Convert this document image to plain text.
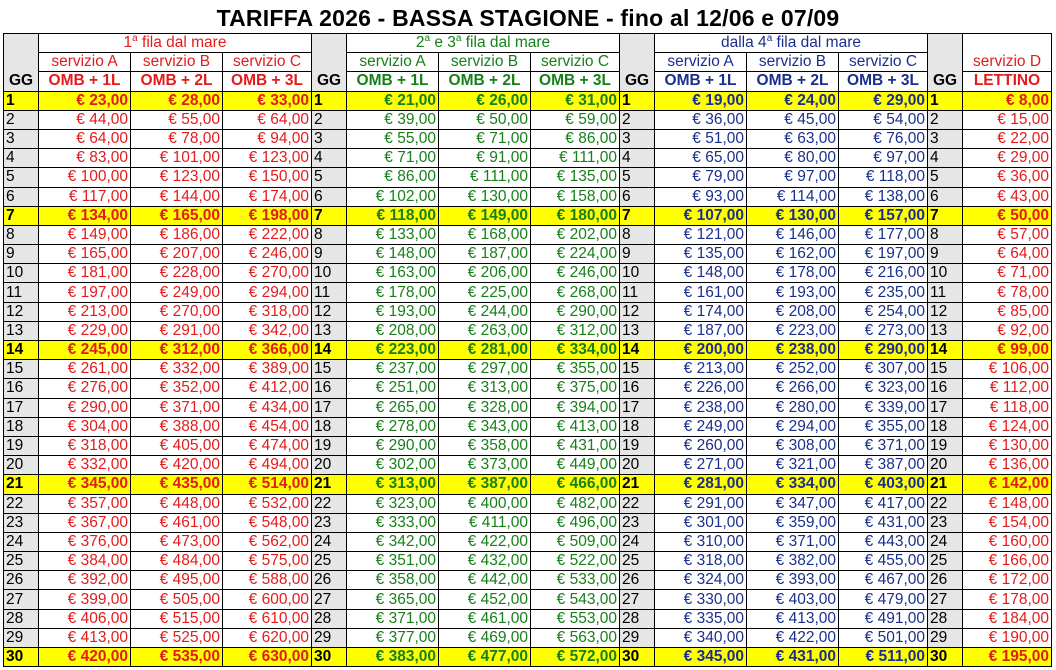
TARIFFA 2026 - BASSA STAGIONE - fino al 12/06 e 07/09
	1$^a$ fila dal mare				2$^a$ e 3$^a$ fila dal mare				dalla 4$^a$ fila dal mare				
	servizio A	servizio B	servizio C		servizio A	servizio B	servizio C		servizio A	servizio B	servizio C		servizio D
GG	OMB + 1L	OMB + 2L	OMB + 3L	GG	OMB + 1L	OMB + 2L	OMB + 3L	GG	OMB + 1L	OMB + 2L	OMB + 3L	GG	LETTINO
1	€ 23,00	€ 28,00	€ 33,00	1	€ 21,00	€ 26,00	€ 31,00	1	€ 19,00	€ 24,00	€ 29,00	1	€ 8,00
2	€ 44,00	€ 55,00	€ 64,00	2	€ 39,00	€ 50,00	€ 59,00	2	€ 36,00	€ 45,00	€ 54,00	2	€ 15,00
3	€ 64,00	€ 78,00	€ 94,00	3	€ 55,00	€ 71,00	€ 86,00	3	€ 51,00	€ 63,00	€ 76,00	3	€ 22,00
4	€ 83,00	€ 101,00	€ 123,00	4	€ 71,00	€ 91,00	€ 111,00	4	€ 65,00	€ 80,00	€ 97,00	4	€ 29,00
5	€ 100,00	€ 123,00	€ 150,00	5	€ 86,00	€ 111,00	€ 135,00	5	€ 79,00	€ 97,00	€ 118,00	5	€ 36,00
6	€ 117,00	€ 144,00	€ 174,00	6	€ 102,00	€ 130,00	€ 158,00	6	€ 93,00	€ 114,00	€ 138,00	6	€ 43,00
7	€ 134,00	€ 165,00	€ 198,00	7	€ 118,00	€ 149,00	€ 180,00	7	€ 107,00	€ 130,00	€ 157,00	7	€ 50,00
8	€ 149,00	€ 186,00	€ 222,00	8	€ 133,00	€ 168,00	€ 202,00	8	€ 121,00	€ 146,00	€ 177,00	8	€ 57,00
9	€ 165,00	€ 207,00	€ 246,00	9	€ 148,00	€ 187,00	€ 224,00	9	€ 135,00	€ 162,00	€ 197,00	9	€ 64,00
10	€ 181,00	€ 228,00	€ 270,00	10	€ 163,00	€ 206,00	€ 246,00	10	€ 148,00	€ 178,00	€ 216,00	10	€ 71,00
11	€ 197,00	€ 249,00	€ 294,00	11	€ 178,00	€ 225,00	€ 268,00	11	€ 161,00	€ 193,00	€ 235,00	11	€ 78,00
12	€ 213,00	€ 270,00	€ 318,00	12	€ 193,00	€ 244,00	€ 290,00	12	€ 174,00	€ 208,00	€ 254,00	12	€ 85,00
13	€ 229,00	€ 291,00	€ 342,00	13	€ 208,00	€ 263,00	€ 312,00	13	€ 187,00	€ 223,00	€ 273,00	13	€ 92,00
14	€ 245,00	€ 312,00	€ 366,00	14	€ 223,00	€ 281,00	€ 334,00	14	€ 200,00	€ 238,00	€ 290,00	14	€ 99,00
15	€ 261,00	€ 332,00	€ 389,00	15	€ 237,00	€ 297,00	€ 355,00	15	€ 213,00	€ 252,00	€ 307,00	15	€ 106,00
16	€ 276,00	€ 352,00	€ 412,00	16	€ 251,00	€ 313,00	€ 375,00	16	€ 226,00	€ 266,00	€ 323,00	16	€ 112,00
17	€ 290,00	€ 371,00	€ 434,00	17	€ 265,00	€ 328,00	€ 394,00	17	€ 238,00	€ 280,00	€ 339,00	17	€ 118,00
18	€ 304,00	€ 388,00	€ 454,00	18	€ 278,00	€ 343,00	€ 413,00	18	€ 249,00	€ 294,00	€ 355,00	18	€ 124,00
19	€ 318,00	€ 405,00	€ 474,00	19	€ 290,00	€ 358,00	€ 431,00	19	€ 260,00	€ 308,00	€ 371,00	19	€ 130,00
20	€ 332,00	€ 420,00	€ 494,00	20	€ 302,00	€ 373,00	€ 449,00	20	€ 271,00	€ 321,00	€ 387,00	20	€ 136,00
21	€ 345,00	€ 435,00	€ 514,00	21	€ 313,00	€ 387,00	€ 466,00	21	€ 281,00	€ 334,00	€ 403,00	21	€ 142,00
22	€ 357,00	€ 448,00	€ 532,00	22	€ 323,00	€ 400,00	€ 482,00	22	€ 291,00	€ 347,00	€ 417,00	22	€ 148,00
23	€ 367,00	€ 461,00	€ 548,00	23	€ 333,00	€ 411,00	€ 496,00	23	€ 301,00	€ 359,00	€ 431,00	23	€ 154,00
24	€ 376,00	€ 473,00	€ 562,00	24	€ 342,00	€ 422,00	€ 509,00	24	€ 310,00	€ 371,00	€ 443,00	24	€ 160,00
25	€ 384,00	€ 484,00	€ 575,00	25	€ 351,00	€ 432,00	€ 522,00	25	€ 318,00	€ 382,00	€ 455,00	25	€ 166,00
26	€ 392,00	€ 495,00	€ 588,00	26	€ 358,00	€ 442,00	€ 533,00	26	€ 324,00	€ 393,00	€ 467,00	26	€ 172,00
27	€ 399,00	€ 505,00	€ 600,00	27	€ 365,00	€ 452,00	€ 543,00	27	€ 330,00	€ 403,00	€ 479,00	27	€ 178,00
28	€ 406,00	€ 515,00	€ 610,00	28	€ 371,00	€ 461,00	€ 553,00	28	€ 335,00	€ 413,00	€ 491,00	28	€ 184,00
29	€ 413,00	€ 525,00	€ 620,00	29	€ 377,00	€ 469,00	€ 563,00	29	€ 340,00	€ 422,00	€ 501,00	29	€ 190,00
30	€ 420,00	€ 535,00	€ 630,00	30	€ 383,00	€ 477,00	€ 572,00	30	€ 345,00	€ 431,00	€ 511,00	30	€ 195,00
